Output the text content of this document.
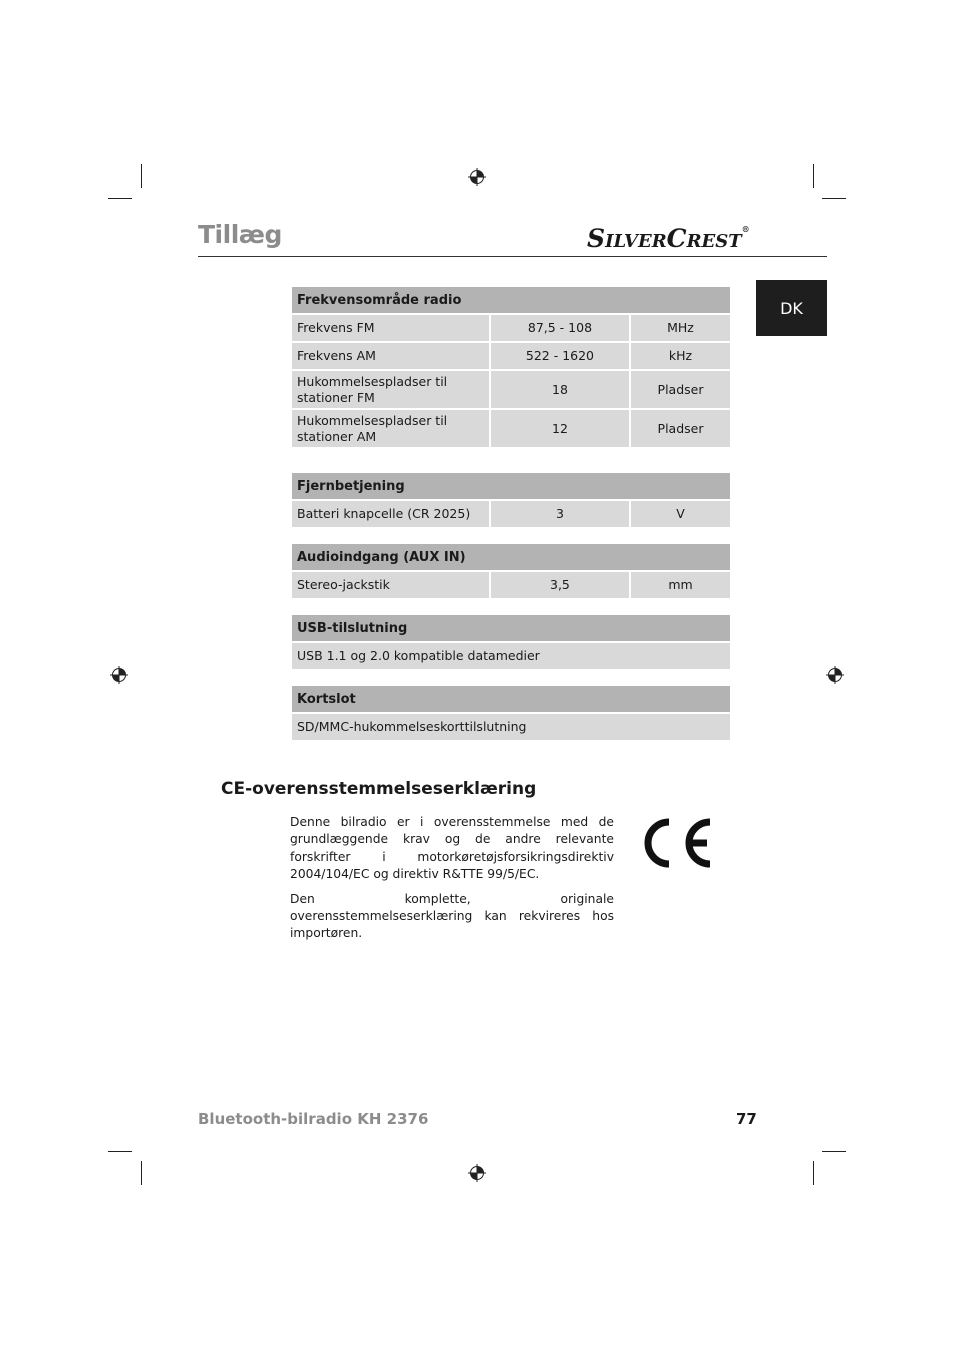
Tillæg	SILVERCREST®
DK
Frekvensområde radio		
Frekvens FM	87,5 - 108	MHz
Frekvens AM	522 - 1620	kHz
Hukommelsespladser til stationer FM	18	Pladser
Hukommelsespladser til stationer AM	12	Pladser
Fjernbetjening
Batteri knapcelle (CR 2025)	3	V
Audioindgang (AUX IN)
Stereo-jackstik	3,5	mm
USB-tilslutning
USB 1.1 og 2.0 kompatible datamedier
Kortslot
SD/MMC-hukommelseskorttilslutning
CE-overensstemmelseserklæring

Denne bilradio er i overensstemmelse med de grundlæggende krav og de andre relevante forskrifter i motorkøretøjsforsikringsdirektiv 2004/104/EC og direktiv R&TTE 99/5/EC.

Den komplette, originale overensstemmelseserklæring kan rekvireres hos importøren.

Bluetooth-bilradio KH 2376	77
